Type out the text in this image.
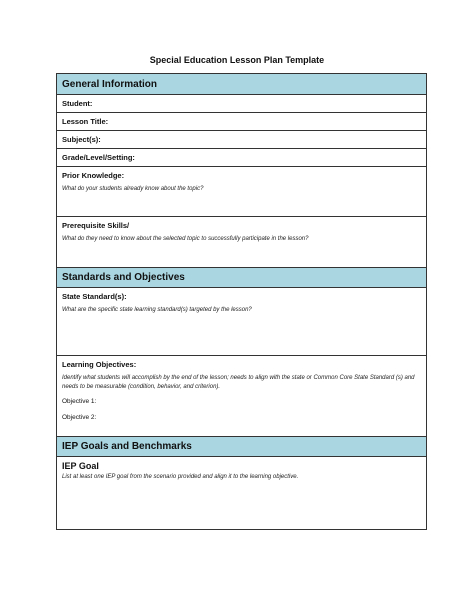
Special Education Lesson Plan Template
General Information
Student:
Lesson Title:
Subject(s):
Grade/Level/Setting:
Prior Knowledge:
What do your students already know about the topic?
Prerequisite Skills/
What do they need to know about the selected topic to successfully participate in the lesson?
Standards and Objectives
State Standard(s):
What are the specific state learning standard(s) targeted by the lesson?
Learning Objectives:
Identify what students will accomplish by the end of the lesson; needs to align with the state or Common Core State Standard (s) and needs to be measurable (condition, behavior, and criterion).
Objective 1:
Objective 2:
IEP Goals and Benchmarks
IEP Goal
List at least one IEP goal from the scenario provided and align it to the learning objective.
